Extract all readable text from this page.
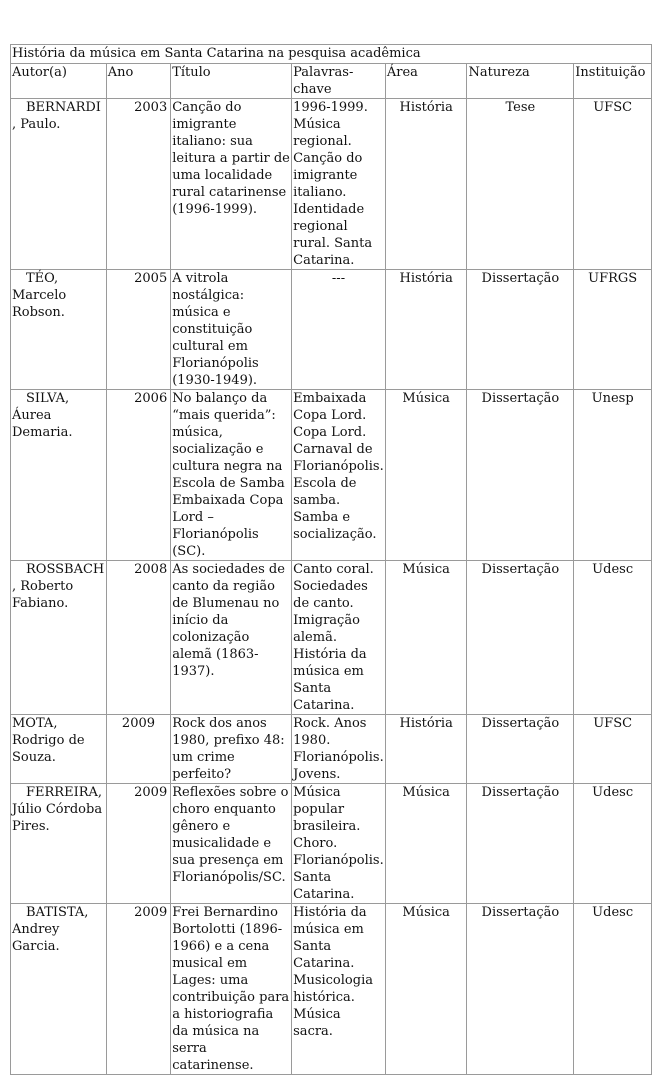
História da música em Santa Catarina na pesquisa acadêmica						
Autor(a)	Ano	Título	Palavras-chave	Área	Natureza	Instituição
BERNARDI, Paulo.	2003	Canção do imigrante italiano: sua leitura a partir de uma localidade rural catarinense (1996-1999).	1996-1999. Música regional. Canção do imigrante italiano. Identidade regional rural. Santa Catarina.	História	Tese	UFSC
TÉO, Marcelo Robson.	2005	A vitrola nostálgica: música e constituição cultural em Florianópolis (1930-1949).	---	História	Dissertação	UFRGS
SILVA, Áurea Demaria.	2006	No balanço da “mais querida”: música, socialização e cultura negra na Escola de Samba Embaixada Copa Lord – Florianópolis (SC).	Embaixada Copa Lord. Copa Lord. Carnaval de Florianópolis. Escola de samba. Samba e socialização.	Música	Dissertação	Unesp
ROSSBACH, Roberto Fabiano.	2008	As sociedades de canto da região de Blumenau no início da colonização alemã (1863-1937).	Canto coral. Sociedades de canto. Imigração alemã. História da música em Santa Catarina.	Música	Dissertação	Udesc
MOTA, Rodrigo de Souza.	2009	Rock dos anos 1980, prefixo 48: um crime perfeito?	Rock. Anos 1980. Florianópolis. Jovens.	História	Dissertação	UFSC
FERREIRA, Júlio Córdoba Pires.	2009	Reflexões sobre o choro enquanto gênero e musicalidade e sua presença em Florianópolis/SC.	Música popular brasileira. Choro. Florianópolis. Santa Catarina.	Música	Dissertação	Udesc
BATISTA, Andrey Garcia.	2009	Frei Bernardino Bortolotti (1896-1966) e a cena musical em Lages: uma contribuição para a historiografia da música na serra catarinense.	História da música em Santa Catarina. Musicologia histórica. Música sacra.	Música	Dissertação	Udesc
